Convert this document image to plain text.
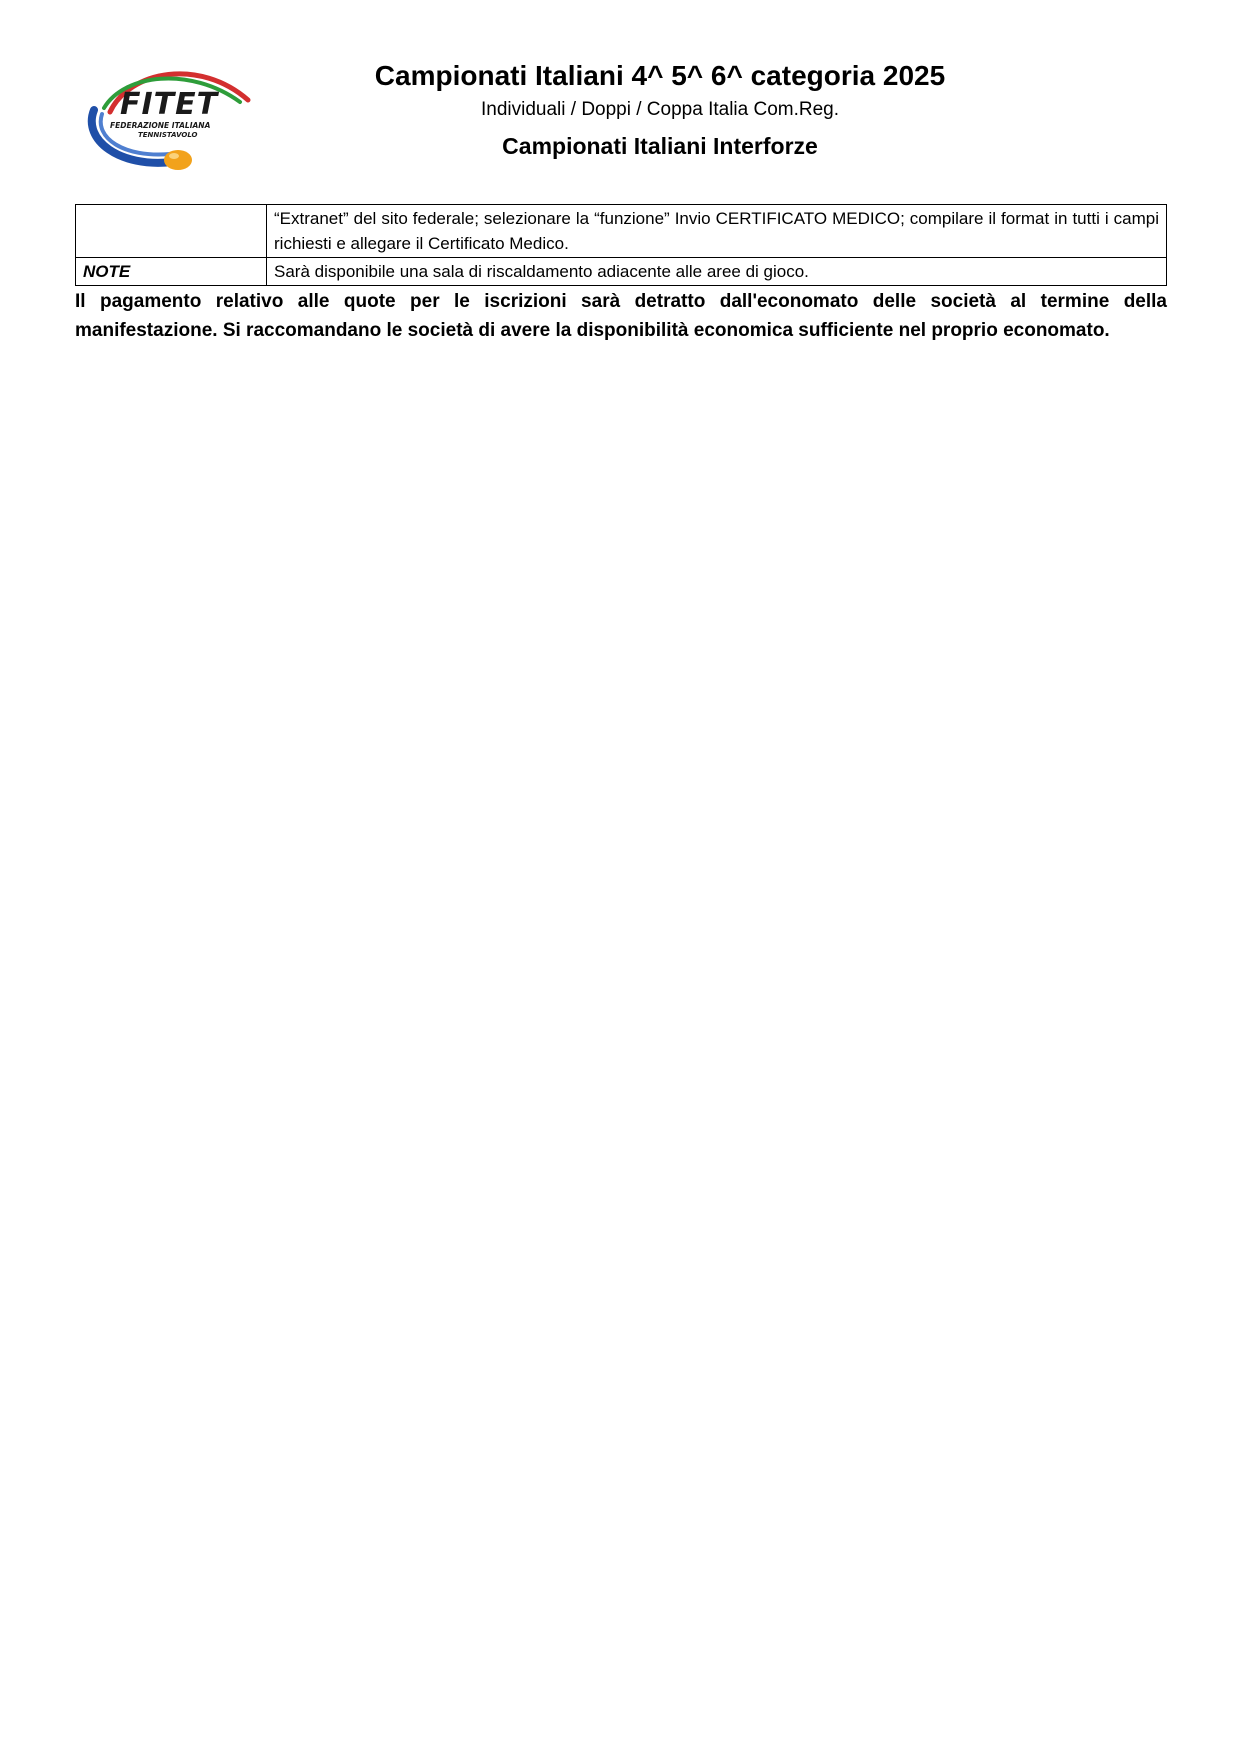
FITET
FEDERAZIONE ITALIANA
TENNISTAVOLO
Campionati Italiani 4^ 5^ 6^ categoria 2025
Individuali / Doppi / Coppa Italia Com.Reg.
Campionati Italiani Interforze
	“Extranet” del sito federale; selezionare la “funzione” Invio CERTIFICATO MEDICO; compilare il format in tutti i campi richiesti e allegare il Certificato Medico.
NOTE	Sarà disponibile una sala di riscaldamento adiacente alle aree di gioco.

Il pagamento relativo alle quote per le iscrizioni sarà detratto dall'economato delle società al termine della manifestazione. Si raccomandano le società di avere la disponibilità economica sufficiente nel proprio economato.
